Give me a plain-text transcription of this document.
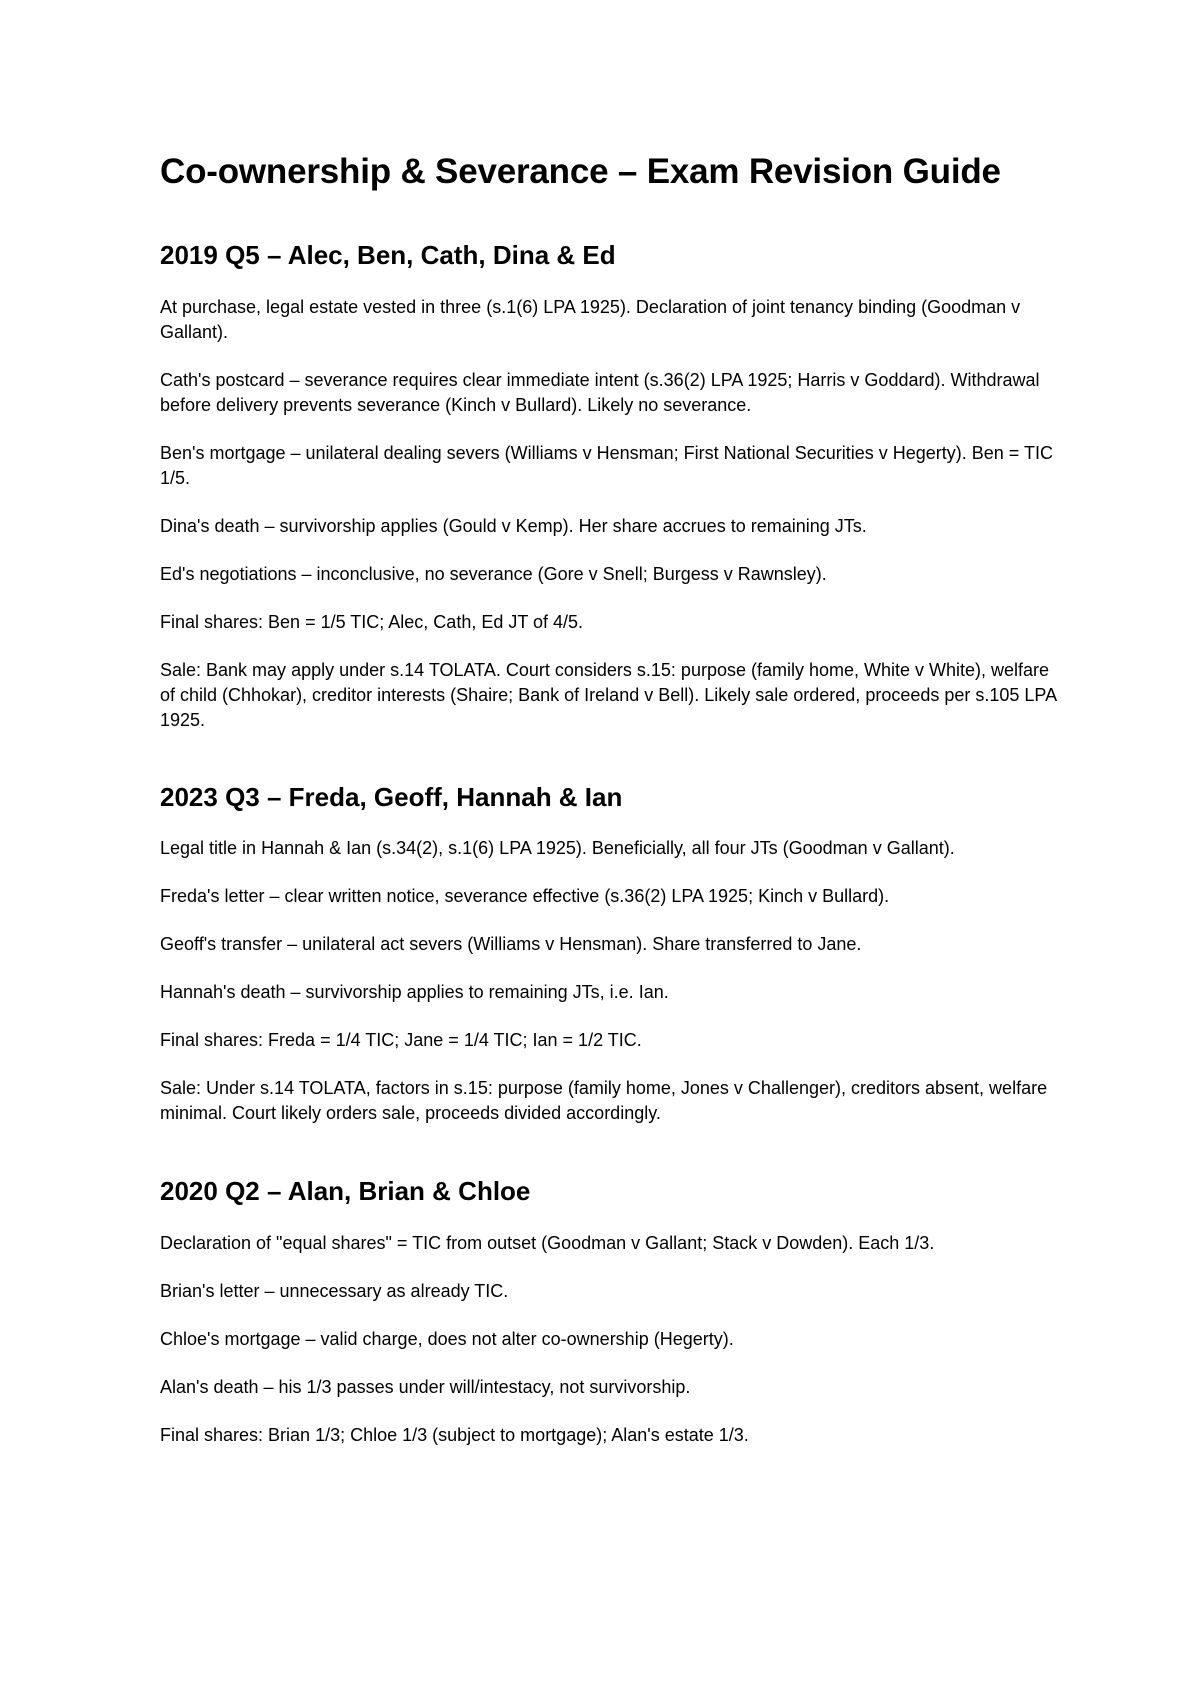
Co-ownership & Severance – Exam Revision Guide
2019 Q5 – Alec, Ben, Cath, Dina & Ed

At purchase, legal estate vested in three (s.1(6) LPA 1925). Declaration of joint tenancy binding (Goodman v Gallant).

Cath's postcard – severance requires clear immediate intent (s.36(2) LPA 1925; Harris v Goddard). Withdrawal before delivery prevents severance (Kinch v Bullard). Likely no severance.

Ben's mortgage – unilateral dealing severs (Williams v Hensman; First National Securities v Hegerty). Ben = TIC 1/5.

Dina's death – survivorship applies (Gould v Kemp). Her share accrues to remaining JTs.

Ed's negotiations – inconclusive, no severance (Gore v Snell; Burgess v Rawnsley).

Final shares: Ben = 1/5 TIC; Alec, Cath, Ed JT of 4/5.

Sale: Bank may apply under s.14 TOLATA. Court considers s.15: purpose (family home, White v White), welfare of child (Chhokar), creditor interests (Shaire; Bank of Ireland v Bell). Likely sale ordered, proceeds per s.105 LPA 1925.

2023 Q3 – Freda, Geoff, Hannah & Ian

Legal title in Hannah & Ian (s.34(2), s.1(6) LPA 1925). Beneficially, all four JTs (Goodman v Gallant).

Freda's letter – clear written notice, severance effective (s.36(2) LPA 1925; Kinch v Bullard).

Geoff's transfer – unilateral act severs (Williams v Hensman). Share transferred to Jane.

Hannah's death – survivorship applies to remaining JTs, i.e. Ian.

Final shares: Freda = 1/4 TIC; Jane = 1/4 TIC; Ian = 1/2 TIC.

Sale: Under s.14 TOLATA, factors in s.15: purpose (family home, Jones v Challenger), creditors absent, welfare minimal. Court likely orders sale, proceeds divided accordingly.

2020 Q2 – Alan, Brian & Chloe

Declaration of "equal shares" = TIC from outset (Goodman v Gallant; Stack v Dowden). Each 1/3.

Brian's letter – unnecessary as already TIC.

Chloe's mortgage – valid charge, does not alter co-ownership (Hegerty).

Alan's death – his 1/3 passes under will/intestacy, not survivorship.

Final shares: Brian 1/3; Chloe 1/3 (subject to mortgage); Alan's estate 1/3.
